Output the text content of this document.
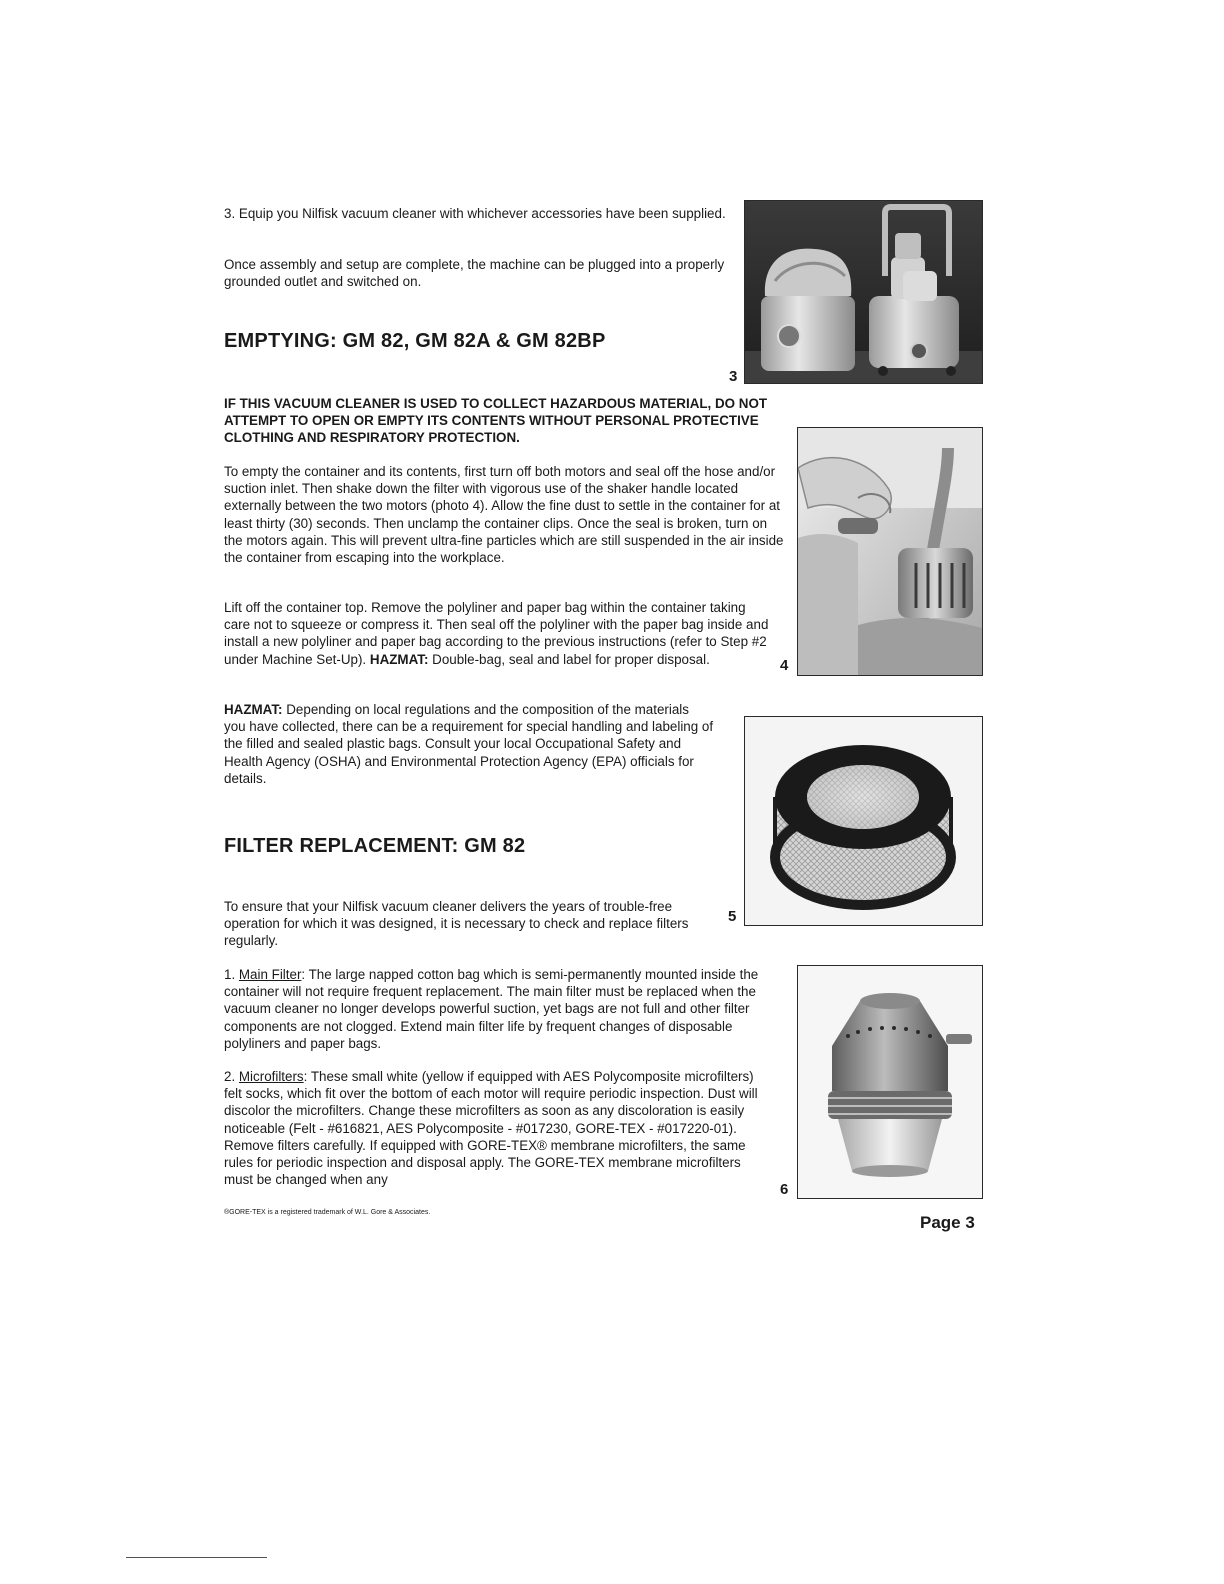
3. Equip you Nilfisk vacuum cleaner with whichever accessories have been supplied.

Once assembly and setup are complete, the machine can be plugged into a properly grounded outlet and switched on.

EMPTYING: GM 82, GM 82A & GM 82BP

IF THIS VACUUM CLEANER IS USED TO COLLECT HAZARDOUS MATERIAL, DO NOT ATTEMPT TO OPEN OR EMPTY ITS CONTENTS WITHOUT PERSONAL PROTECTIVE CLOTHING AND RESPIRATORY PROTECTION.

To empty the container and its contents, first turn off both motors and seal off the hose and/or suction inlet. Then shake down the filter with vigorous use of the shaker handle located externally between the two motors (photo 4). Allow the fine dust to settle in the container for at least thirty (30) seconds. Then unclamp the container clips. Once the seal is broken, turn on the motors again. This will prevent ultra-fine particles which are still suspended in the air inside the container from escaping into the workplace.

Lift off the container top. Remove the polyliner and paper bag within the container taking care not to squeeze or compress it. Then seal off the polyliner with the paper bag inside and install a new polyliner and paper bag according to the previous instructions (refer to Step #2 under Machine Set-Up). HAZMAT: Double-bag, seal and label for proper disposal.

HAZMAT: Depending on local regulations and the composition of the materials you have collected, there can be a requirement for special handling and labeling of the filled and sealed plastic bags. Consult your local Occupational Safety and Health Agency (OSHA) and Environmental Protection Agency (EPA) officials for details.

FILTER REPLACEMENT: GM 82

To ensure that your Nilfisk vacuum cleaner delivers the years of trouble-free operation for which it was designed, it is necessary to check and replace filters regularly.

1. Main Filter: The large napped cotton bag which is semi-permanently mounted inside the container will not require frequent replacement. The main filter must be replaced when the vacuum cleaner no longer develops powerful suction, yet bags are not full and other filter components are not clogged. Extend main filter life by frequent changes of disposable polyliners and paper bags.

2. Microfilters: These small white (yellow if equipped with AES Polycomposite microfilters) felt socks, which fit over the bottom of each motor will require periodic inspection. Dust will discolor the microfilters. Change these microfilters as soon as any discoloration is easily noticeable (Felt - #616821, AES Polycomposite - #017230, GORE-TEX - #017220-01). Remove filters carefully. If equipped with GORE-TEX® membrane microfilters, the same rules for periodic inspection and disposal apply. The GORE-TEX membrane microfilters must be changed when any

3
4
5
6
®GORE-TEX is a registered trademark of W.L. Gore & Associates.
Page 3
